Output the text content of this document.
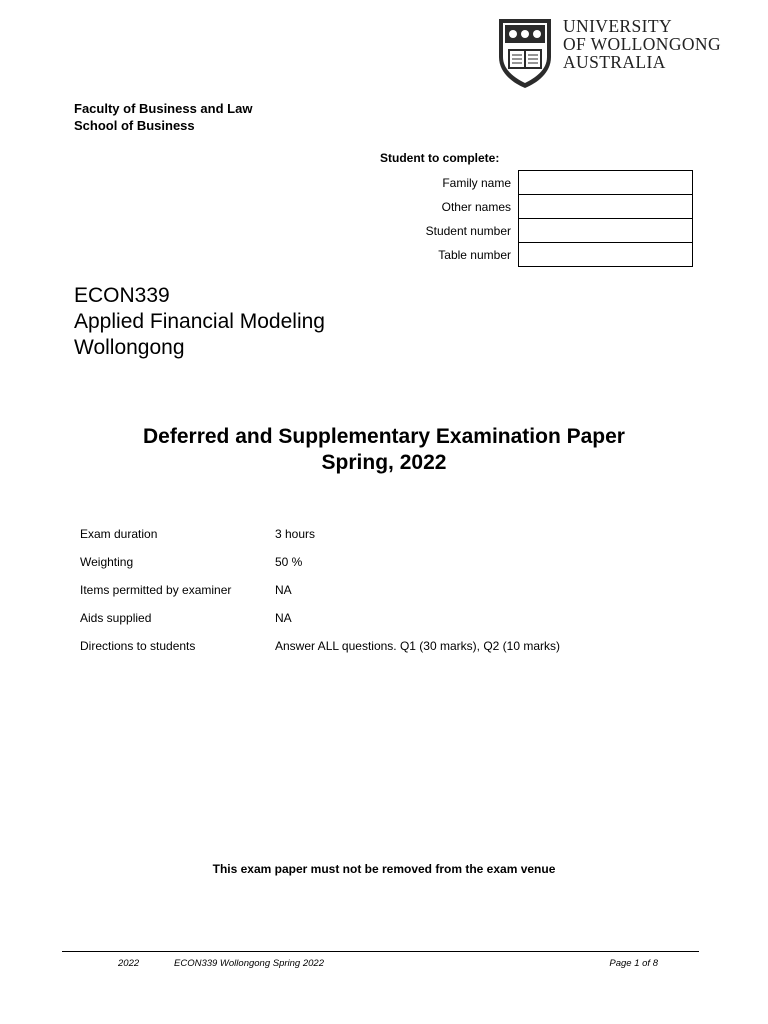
UNIVERSITY
OF WOLLONGONG
AUSTRALIA
Faculty of Business and Law
School of Business
Student to complete:
Family name
Other names
Student number
Table number
ECON339
Applied Financial Modeling
Wollongong
Deferred and Supplementary Examination Paper
Spring, 2022
Exam duration	3 hours
Weighting	50 %
Items permitted by examiner	NA
Aids supplied	NA
Directions to students	Answer ALL questions. Q1 (30 marks), Q2 (10 marks)
This exam paper must not be removed from the exam venue
2022	ECON339 Wollongong Spring 2022	Page 1 of 8
